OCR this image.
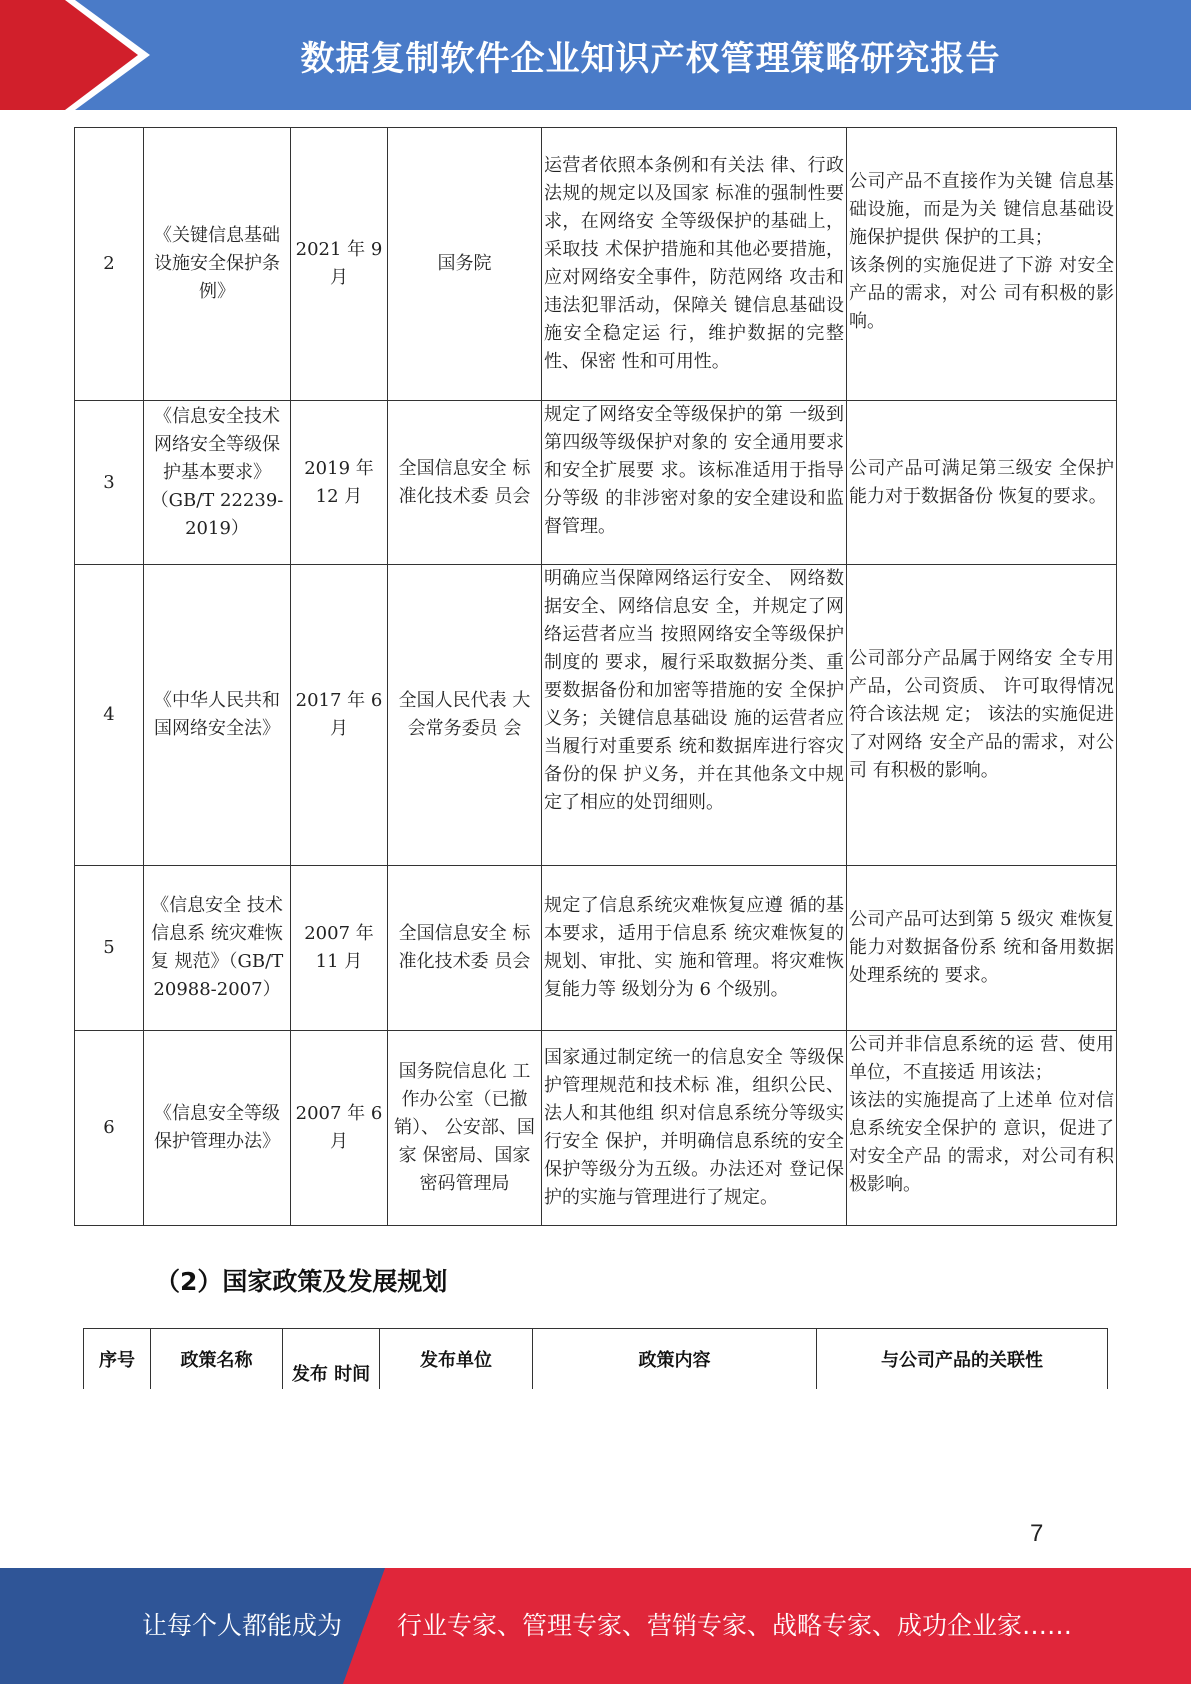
数据复制软件企业知识产权管理策略研究报告
2	《关键信息基础设施安全保护条 例》	2021 年 9 月	国务院	运营者依照本条例和有关法 律、行政法规的规定以及国家 标准的强制性要求，在网络安 全等级保护的基础上，采取技 术保护措施和其他必要措施， 应对网络安全事件，防范网络 攻击和违法犯罪活动，保障关 键信息基础设施安全稳定运 行，维护数据的完整性、保密 性和可用性。	公司产品不直接作为关键 信息基础设施，而是为关 键信息基础设施保护提供 保护的工具；
该条例的实施促进了下游 对安全产品的需求，对公 司有积极的影响。
3	《信息安全技术网络安全等级保护基本要求》（GB/T 22239-2019）	2019 年 12 月	全国信息安全 标准化技术委 员会	规定了网络安全等级保护的第 一级到第四级等级保护对象的 安全通用要求和安全扩展要 求。该标准适用于指导分等级 的非涉密对象的安全建设和监 督管理。	公司产品可满足第三级安 全保护能力对于数据备份 恢复的要求。
4	《中华人民共和国网络安全法》	2017 年 6 月	全国人民代表 大会常务委员 会	明确应当保障网络运行安全、 网络数据安全、网络信息安 全，并规定了网络运营者应当 按照网络安全等级保护制度的 要求，履行采取数据分类、重 要数据备份和加密等措施的安 全保护义务；关键信息基础设 施的运营者应当履行对重要系 统和数据库进行容灾备份的保 护义务，并在其他条文中规定了相应的处罚细则。	公司部分产品属于网络安 全专用产品，公司资质、 许可取得情况符合该法规 定； 该法的实施促进了对网络 安全产品的需求，对公司 有积极的影响。
5	《信息安全 技术信息系 统灾难恢复 规范》（GB/T 20988-2007）	2007 年 11 月	全国信息安全 标准化技术委 员会	规定了信息系统灾难恢复应遵 循的基本要求，适用于信息系 统灾难恢复的规划、审批、实 施和管理。将灾难恢复能力等 级划分为 6 个级别。	公司产品可达到第 5 级灾 难恢复能力对数据备份系 统和备用数据处理系统的 要求。
6	《信息安全等级保护管理办法》	2007 年 6 月	国务院信息化 工作办公室（已撤销）、 公安部、国家 保密局、国家 密码管理局	国家通过制定统一的信息安全 等级保护管理规范和技术标 准，组织公民、法人和其他组 织对信息系统分等级实行安全 保护，并明确信息系统的安全 保护等级分为五级。办法还对 登记保护的实施与管理进行了规定。	公司并非信息系统的运 营、使用单位，不直接适 用该法；
该法的实施提高了上述单 位对信息系统安全保护的 意识，促进了对安全产品 的需求，对公司有积极影响。
（2）国家政策及发展规划
序号	政策名称	发布 时间	发布单位	政策内容	与公司产品的关联性
7
让每个人都能成为 行业专家、管理专家、营销专家、战略专家、成功企业家……
